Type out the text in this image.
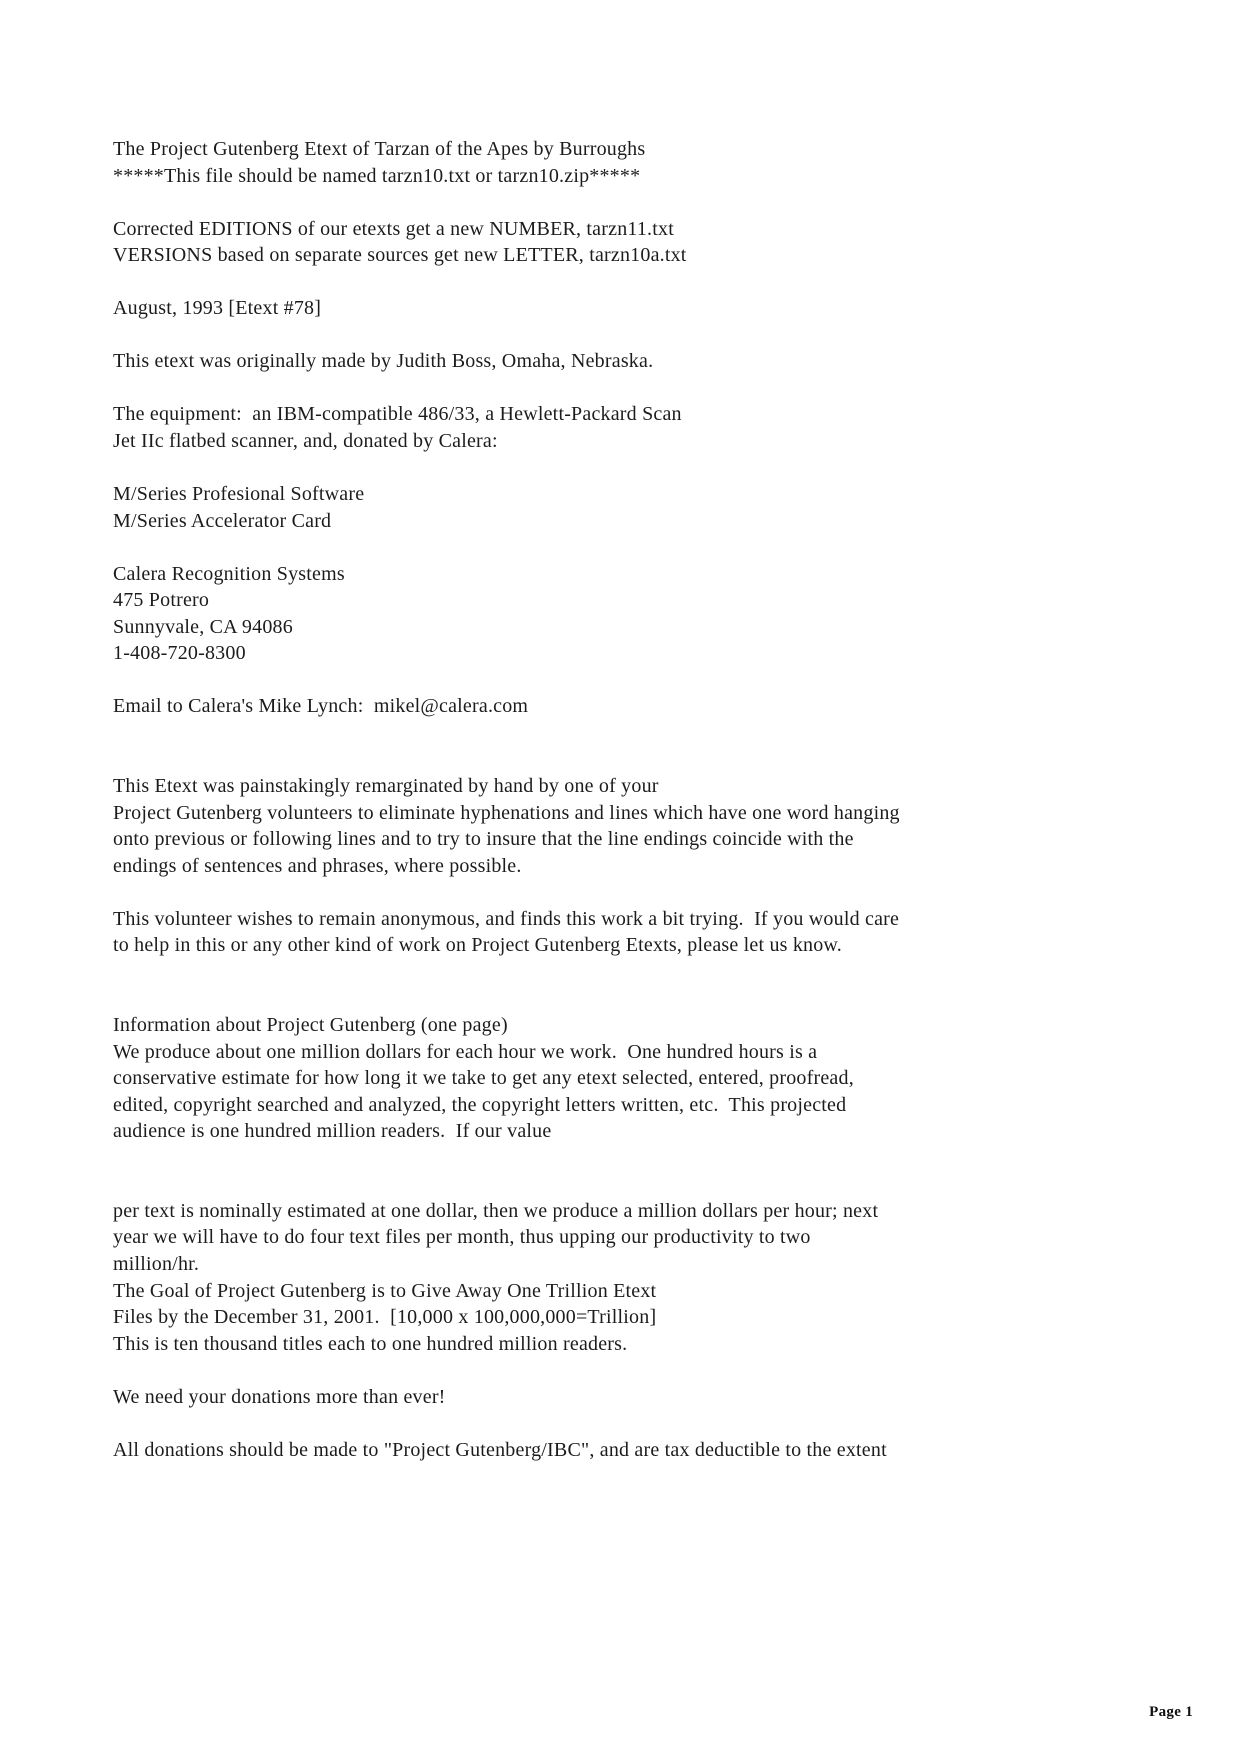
The Project Gutenberg Etext of Tarzan of the Apes by Burroughs
*****This file should be named tarzn10.txt or tarzn10.zip*****
Corrected EDITIONS of our etexts get a new NUMBER, tarzn11.txt
VERSIONS based on separate sources get new LETTER, tarzn10a.txt
August, 1993 [Etext #78]
This etext was originally made by Judith Boss, Omaha, Nebraska.
The equipment:  an IBM-compatible 486/33, a Hewlett-Packard Scan
Jet IIc flatbed scanner, and, donated by Calera:
M/Series Profesional Software
M/Series Accelerator Card
Calera Recognition Systems
475 Potrero
Sunnyvale, CA 94086
1-408-720-8300
Email to Calera's Mike Lynch:  mikel@calera.com
This Etext was painstakingly remarginated by hand by one of your
Project Gutenberg volunteers to eliminate hyphenations and lines which have one word hanging
onto previous or following lines and to try to insure that the line endings coincide with the
endings of sentences and phrases, where possible.
This volunteer wishes to remain anonymous, and finds this work a bit trying.  If you would care
to help in this or any other kind of work on Project Gutenberg Etexts, please let us know.
Information about Project Gutenberg (one page)
We produce about one million dollars for each hour we work.  One hundred hours is a
conservative estimate for how long it we take to get any etext selected, entered, proofread,
edited, copyright searched and analyzed, the copyright letters written, etc.  This projected
audience is one hundred million readers.  If our value
per text is nominally estimated at one dollar, then we produce a million dollars per hour; next
year we will have to do four text files per month, thus upping our productivity to two
million/hr.
The Goal of Project Gutenberg is to Give Away One Trillion Etext
Files by the December 31, 2001.  [10,000 x 100,000,000=Trillion]
This is ten thousand titles each to one hundred million readers.
We need your donations more than ever!
All donations should be made to "Project Gutenberg/IBC", and are tax deductible to the extent
Page 1
